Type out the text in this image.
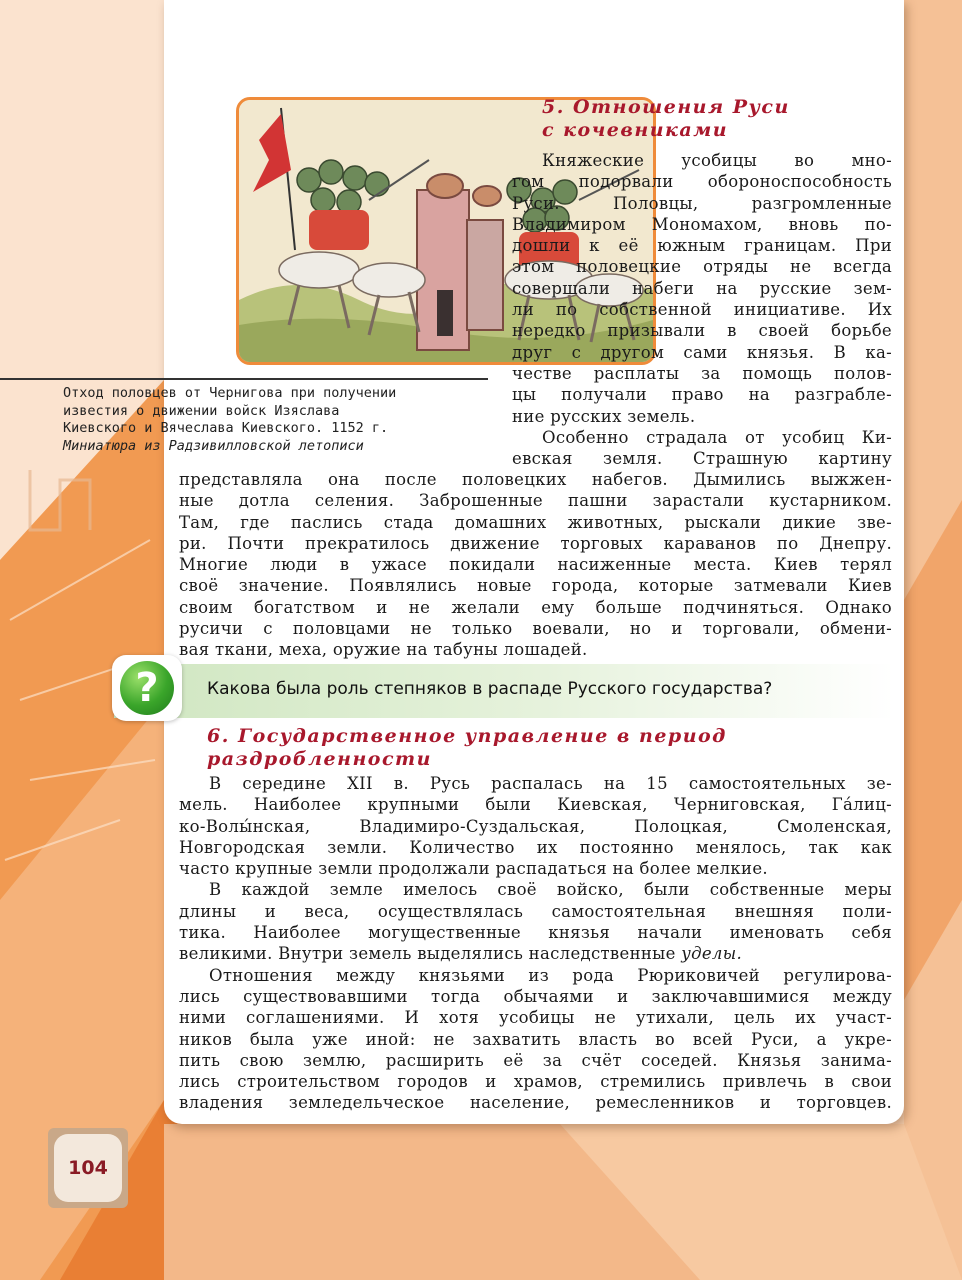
Отход половцев от Чернигова при получении
известия о движении войск Изяслава
Киевского и Вячеслава Киевского. 1152 г.
Миниатюра из Радзивилловской летописи
5. Отношения Руси
с кочевниками
Княжеские усобицы во мно-
гом подорвали обороноспособность
Руси. Половцы, разгромленные
Владимиром Мономахом, вновь по-
дошли к её южным границам. При
этом половецкие отряды не всегда
совершали набеги на русские зем-
ли по собственной инициативе. Их
нередко призывали в своей борьбе
друг с другом сами князья. В ка-
честве расплаты за помощь полов-
цы получали право на разграбле-
ние русских земель.
Особенно страдала от усобиц Ки-
евская земля. Страшную картину
представляла она после половецких набегов. Дымились выжжен-
ные дотла селения. Заброшенные пашни зарастали кустарником.
Там, где паслись стада домашних животных, рыскали дикие зве-
ри. Почти прекратилось движение торговых караванов по Днепру.
Многие люди в ужасе покидали насиженные места. Киев терял
своё значение. Появлялись новые города, которые затмевали Киев
своим богатством и не желали ему больше подчиняться. Однако
русичи с половцами не только воевали, но и торговали, обмени-
вая ткани, меха, оружие на табуны лошадей.
6. Государственное управление в период
раздробленности
В середине XII в. Русь распалась на 15 самостоятельных зе-
мель. Наиболее крупными были Киевская, Черниговская, Га́лиц-
ко-Волы́нская, Владимиро-Суздальская, Полоцкая, Смоленская,
Новгородская земли. Количество их постоянно менялось, так как
часто крупные земли продолжали распадаться на более мелкие.
В каждой земле имелось своё войско, были собственные меры
длины и веса, осуществлялась самостоятельная внешняя поли-
тика. Наиболее могущественные князья начали именовать себя
великими. Внутри земель выделялись наследственные уделы.
Отношения между князьями из рода Рюриковичей регулирова-
лись существовавшими тогда обычаями и заключавшимися между
ними соглашениями. И хотя усобицы не утихали, цель их участ-
ников была уже иной: не захватить власть во всей Руси, а укре-
пить свою землю, расширить её за счёт соседей. Князья занима-
лись строительством городов и храмов, стремились привлечь в свои
владения земледельческое население, ремесленников и торговцев.
?	Какова была роль степняков в распаде Русского государства?
104
